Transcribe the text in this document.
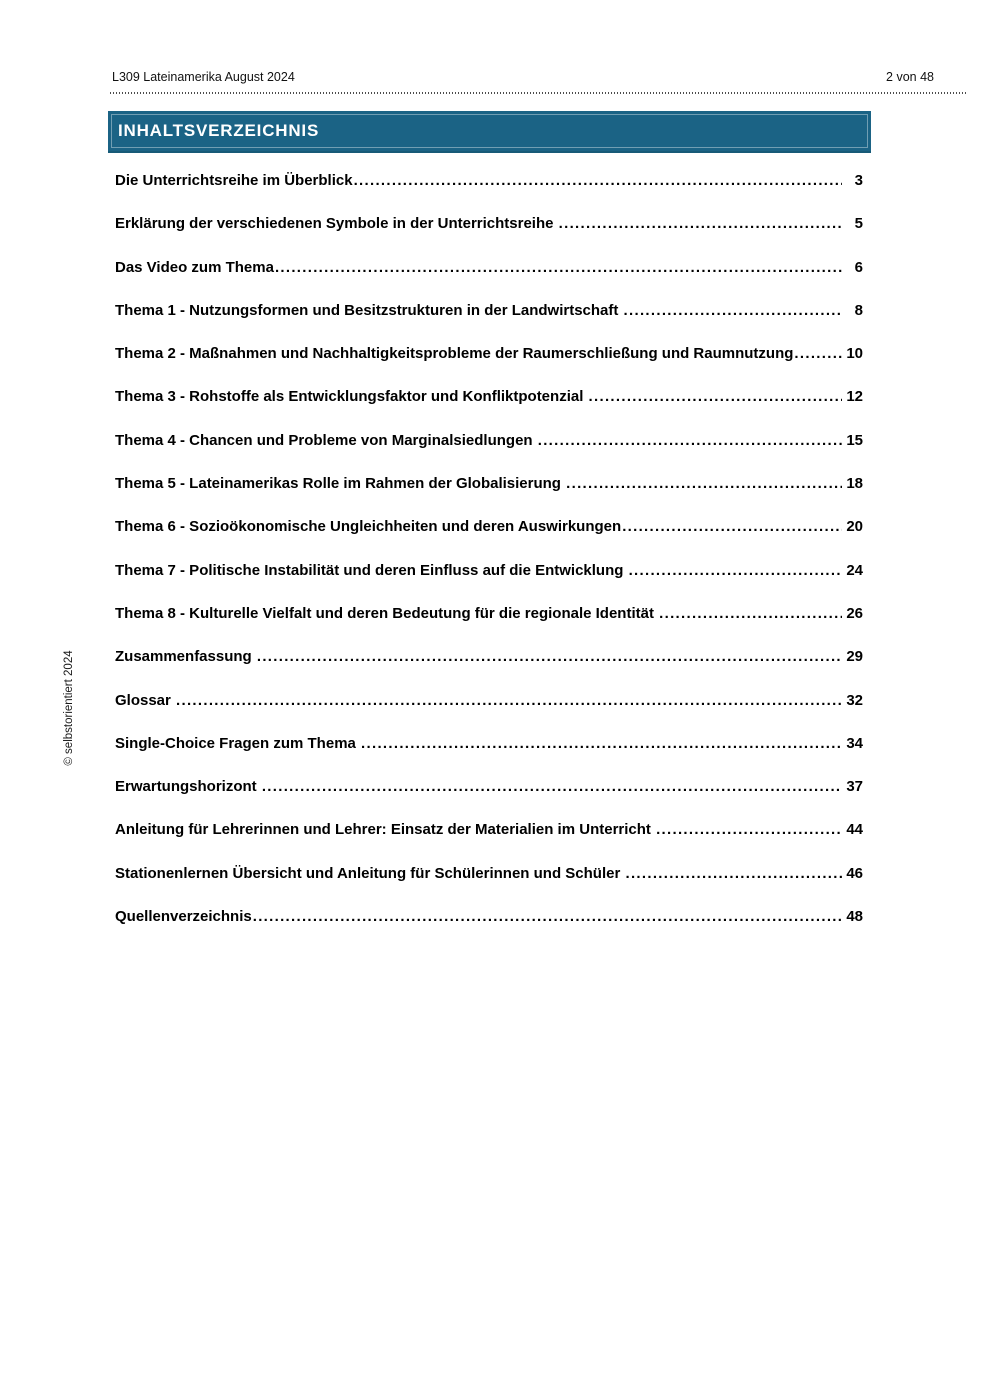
L309 Lateinamerika August 2024	2 von 48
INHALTSVERZEICHNIS
Die Unterrichtsreihe im Überblick .....	3
Erklärung der verschiedenen Symbole in der Unterrichtsreihe .....	5
Das Video zum Thema .....	6
Thema 1 - Nutzungsformen und Besitzstrukturen in der Landwirtschaft .....	8
Thema 2 - Maßnahmen und Nachhaltigkeitsprobleme der Raumerschließung und Raumnutzung .....	10
Thema 3 - Rohstoffe als Entwicklungsfaktor und Konfliktpotenzial .....	12
Thema 4 - Chancen und Probleme von Marginalsiedlungen .....	15
Thema 5 - Lateinamerikas Rolle im Rahmen der Globalisierung .....	18
Thema 6 - Sozioökonomische Ungleichheiten und deren Auswirkungen .....	20
Thema 7 - Politische Instabilität und deren Einfluss auf die Entwicklung .....	24
Thema 8 - Kulturelle Vielfalt und deren Bedeutung für die regionale Identität .....	26
Zusammenfassung .....	29
Glossar .....	32
Single-Choice Fragen zum Thema .....	34
Erwartungshorizont .....	37
Anleitung für Lehrerinnen und Lehrer: Einsatz der Materialien im Unterricht .....	44
Stationenlernen Übersicht und Anleitung für Schülerinnen und Schüler .....	46
Quellenverzeichnis .....	48
© selbstorientiert 2024
